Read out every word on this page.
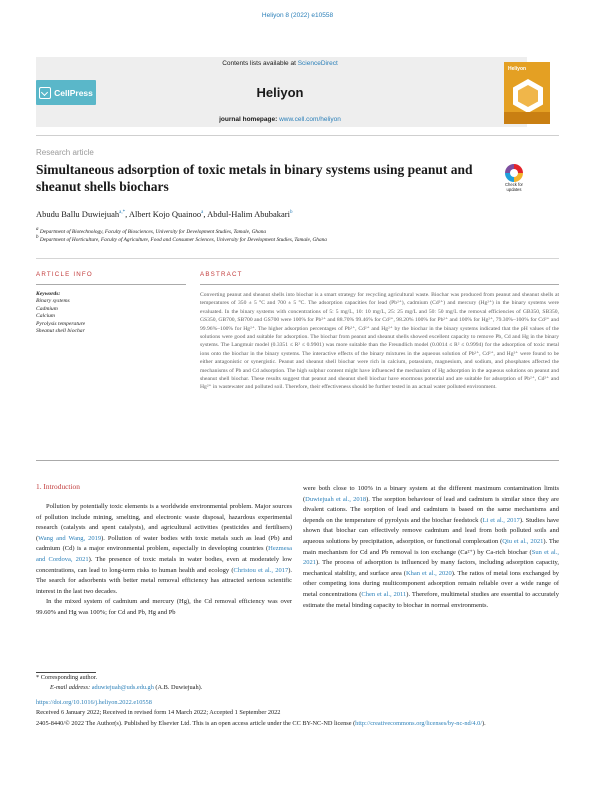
Heliyon 8 (2022) e10558
CellPress
Contents lists available at ScienceDirect
Heliyon
journal homepage: www.cell.com/heliyon
Heliyon
Research article
Simultaneous adsorption of toxic metals in binary systems using peanut and sheanut shells biochars	Check for updates
Abudu Ballu Duwiejuah$^{a,*}$, Albert Kojo Quainoo$^a$, Abdul-Halim Abubakari$^b$
a Department of Biotechnology, Faculty of Biosciences, University for Development Studies, Tamale, Ghana
b Department of Horticulture, Faculty of Agriculture, Food and Consumer Sciences, University for Development Studies, Tamale, Ghana
ARTICLE INFO	ABSTRACT
Keywords:
Binary systems
Cadmium
Calcium
Pyrolysis temperature
Sheanut shell biochar
Converting peanut and sheanut shells into biochar is a smart strategy for recycling agricultural waste. Biochar was produced from peanut and sheanut shells at temperatures of 350 ± 5 °C and 700 ± 5 °C. The adsorption capacities for lead (Pb²⁺), cadmium (Cd²⁺) and mercury (Hg²⁺) in the binary systems were evaluated. In the binary systems with concentrations of 5: 5 mg/L, 10: 10 mg/L, 25: 25 mg/L and 50: 50 mg/L the removal efficiencies of GB350, SB350, GS350, GB700, SB700 and GS700 were 100% for Pb²⁺ and 88.70% 99.46% for Cd²⁺, 98.20% 100% for Pb²⁺ and 100% for Hg²⁺, 79.30%–100% for Cd²⁺ and 99.96%–100% for Hg²⁺. The higher adsorption percentages of Pb²⁺, Cd²⁺ and Hg²⁺ by the biochar in the binary systems indicated that the pH values of the solutions were good and suitable for adsorption. The biochar from peanut and sheanut shells showed excellent capacity to remove Pb, Cd and Hg in the binary systems. The Langmuir model (0.3351 ≤ R² ≤ 0.9901) was more suitable than the Freundlich model (0.0014 ≤ R² ≤ 0.9994) for the adsorption of toxic metal ions onto the biochar in the binary systems. The interactive effects of the binary mixtures in the aqueous solution of Pb²⁺, Cd²⁺, and Hg²⁺ were found to be either antagonistic or synergistic. Peanut and sheanut shell biochar were rich in calcium, potassium, magnesium, and sodium, and phosphates affected the mechanisms of Pb and Cd adsorption. The high sulphur content might have influenced the mechanism of Hg adsorption in the aqueous solutions on peanut and sheanut shell biochar. These results suggest that peanut and sheanut shell biochar have enormous potential and are suitable for adsorption of Pb²⁺, Cd²⁺ and Hg²⁺ in wastewater and polluted soil. Therefore, their effectiveness should be further tested in an actual water polluted environment.
1. Introduction

Pollution by potentially toxic elements is a worldwide environmental problem. Major sources of pollution include mining, smelting, and electronic waste disposal, hazardous experimental research (catalysts and spent catalysts), and agricultural activities (pesticides and fertilisers) (Wang and Wang, 2019). Pollution of water bodies with toxic metals such as lead (Pb) and cadmium (Cd) is a major environmental problem, especially in developing countries (Hezmesa and Cordova, 2021). The presence of toxic metals in water bodies, even at moderately low concentrations, can lead to long-term risks to human health and ecology (Christou et al., 2017). The search for adsorbents with better metal removal efficiency has attracted serious scientific interest in the last two decades.

In the mixed system of cadmium and mercury (Hg), the Cd removal efficiency was over 99.60% and Hg was 100%; for Cd and Pb, Hg and Pb

were both close to 100% in a binary system at the different maximum contamination limits (Duwiejuah et al., 2018). The sorption behaviour of lead and cadmium is similar since they are divalent cations. The sorption of lead and cadmium is based on the same mechanisms and depends on the temperature of pyrolysis and the biochar feedstock (Li et al., 2017). Studies have shown that biochar can effectively remove cadmium and lead from both polluted soils and aqueous solutions by precipitation, adsorption, or functional complexation (Qiu et al., 2021). The main mechanism for Cd and Pb removal is ion exchange (Ca²⁺) by Ca-rich biochar (Sun et al., 2021). The process of adsorption is influenced by many factors, including adsorption capacity, mechanical stability, and surface area (Khan et al., 2020). The ratios of metal ions exchanged by other competing ions during multicomponent adsorption remain reliable over a wide range of metal concentrations (Chen et al., 2011). Therefore, multimetal studies are essential to accurately estimate the metal binding capacity to biochar in normal environments.

* Corresponding author.
E-mail address: aduwiejuah@uds.edu.gh (A.B. Duwiejuah).
https://doi.org/10.1016/j.heliyon.2022.e10558
Received 6 January 2022; Received in revised form 14 March 2022; Accepted 1 September 2022
2405-8440/© 2022 The Author(s). Published by Elsevier Ltd. This is an open access article under the CC BY-NC-ND license (http://creativecommons.org/licenses/by-nc-nd/4.0/).
